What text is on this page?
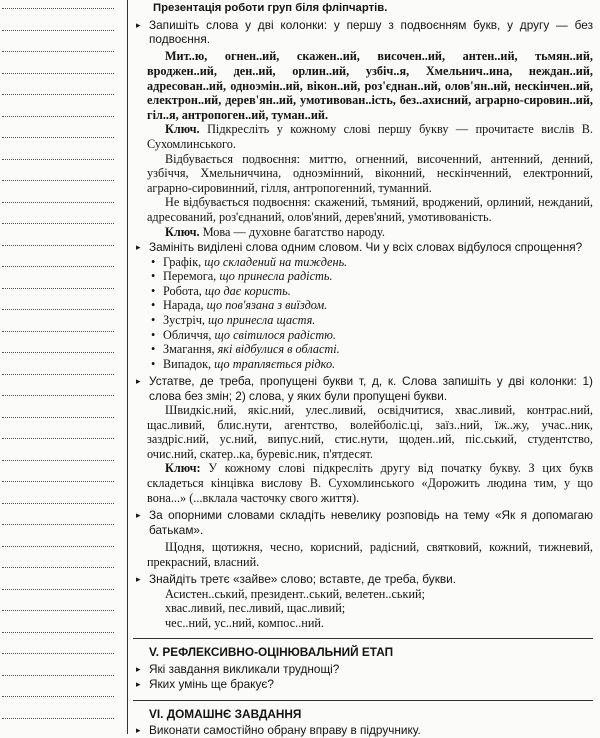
Презентація роботи груп біля фліпчартів.

▸ Запишіть слова у дві колонки: у першу з подвоєнням букв, у другу — без подвоєння.

Мит..ю, огнен..ий, скажен..ий, височен..ий, антен..ий, тьмян..ий, вроджен..ий, ден..ий, орлин..ий, узбіч..я, Хмельнич..ина, неждан..ий, адресован..ий, одноэмін..ий, вікон..ий, роз'єднан..ий, олов'ян..ий, нескінчен..ий, електрон..ий, дерев'ян..ий, умотивован..ість, без..ахисний, аграрно-сировин..ий, гіл..я, антропоген..ий, туман..ий.

Ключ. Підкресліть у кожному слові першу букву — прочитаєте вислів В. Сухомлинського.

Відбувається подвоєння: миттю, огненний, височенний, антенний, денний, узбіччя, Хмельниччина, одноэмінний, віконний, нескінченний, електронний, аграрно-сировинний, гілля, антропогенний, туманний.

Не відбувається подвоєння: скажений, тьмяний, вроджений, орлиний, нежданий, адресований, роз'єднаний, олов'яний, дерев'яний, умотивованість.

Ключ. Мова — духовне багатство народу.

▸ Замініть виділені слова одним словом. Чи у всіх словах відбулося спрощення?

• Графік, що складений на тиждень.

• Перемога, що принесла радість.

• Робота, що дає користь.

• Нарада, що пов'язана з виїздом.

• Зустріч, що принесла щастя.

• Обличчя, що світилося радістю.

• Змагання, які відбулися в області.

• Випадок, що трапляється рідко.

▸ Устатве, де треба, пропущені букви т, д, к. Слова запишіть у дві колонки: 1) слова без змін; 2) слова, у яких були пропущені букви.

Швидкіс.ний, якіс.ний, улес.ливий, освідчитися, хвас.ливий, контрас.ний, щас.ливий, блис.нути, агентство, волейболіс.ці, заїз..ний, їж..жу, учас..ник, заздріс.ний, ус.ний, випус.ний, стис.нути, щоден..ий, піс.ський, студентство, очис.ний, скатер..ка, буревіс.ник, п'ятдесят.

Ключ: У кожному слові підкресліть другу від початку букву. З цих букв складеться кінцівка вислову В. Сухомлинського «Дорожить людина тим, у що вона...» (...вклала часточку свого життя).

▸ За опорними словами складіть невелику розповідь на тему «Як я допомагаю батькам».

Щодня, щотижня, чесно, корисний, радісний, святковий, кожний, тижневий, прекрасний, власний.

▸ Знайдіть третє «зайве» слово; вставте, де треба, букви.

Асистен..ський, президент..ський, велетен..ський;

хвас.ливий, пес.ливий, щас.ливий;

чес..ний, ус..ний, компос..ний.

V. РЕФЛЕКСИВНО-ОЦІНЮВАЛЬНИЙ ЕТАП

▸ Які завдання викликали труднощі?

▸ Яких умінь ще бракує?

VI. ДОМАШНЄ ЗАВДАННЯ

▸ Виконати самостійно обрану вправу в підручнику.
